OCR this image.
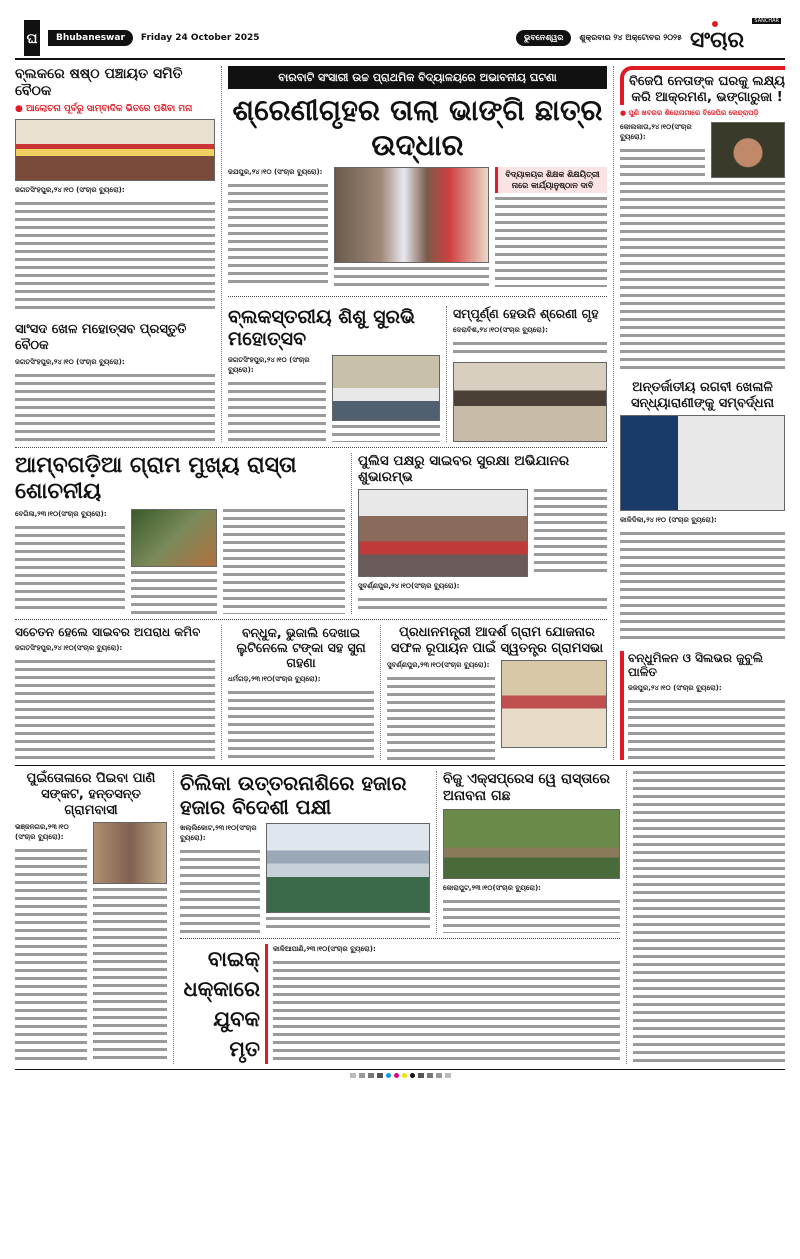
ଘ	Bhubaneswar	Friday 24 October 2025	ଭୁବନେଶ୍ୱର	ଶୁକ୍ରବାର ୨୪ ଅକ୍ଟୋବର ୨୦୨୫
SANCHAR
ସଂଚାର
ବ୍ଲକରେ ଷଷ୍ଠ ପଞ୍ଚାୟତ ସମିତି ବୈଠକ
● ଆଲୋଚନା ପୂର୍ବରୁ ସାମ୍ବାଦିକ ଭିତରେ ପଶିବା ମନା
ଜଗତସିଂହପୁର,୨୪।୧୦ (ସଂଚାର ବ୍ୟୁରୋ):
ସାଂସଦ ଖେଳ ମହୋତ୍ସବ ପ୍ରସ୍ତୁତି ବୈଠକ
ଜଗତସିଂହପୁର,୨୪।୧୦ (ସଂଚାର ବ୍ୟୁରୋ):
ବାରବାଟି ସଂସାରୀ ଉଚ୍ଚ ପ୍ରାଥମିକ ବିଦ୍ୟାଳୟରେ ଅଭାବନୀୟ ଘଟଣା
ଶ୍ରେଣୀଗୃହର ତାଲା ଭାଙ୍ଗି ଛାତ୍ର ଉଦ୍ଧାର
ଜଯପୁର,୨୪।୧୦ (ସଂଚାର ବ୍ୟୁରୋ):	ବିଦ୍ୟାଳୟର ଶିକ୍ଷକ ଶିକ୍ଷୟିତ୍ରୀ ନାରେ କାର୍ଯ୍ୟାନୁଷ୍ଠାନ ଦାବି
ବ୍ଲକସ୍ତରୀୟ ଶିଶୁ ସୁରଭି ମହୋତ୍ସବ
ଜଗତସିଂହପୁର,୨୪।୧୦ (ସଂଚାର ବ୍ୟୁରୋ):
ସମ୍ପୂର୍ଣ୍ଣ ହେଉନି ଶ୍ରେଣୀ ଗୃହ
ଦେରାବିଶ,୨୪।୧୦(ସଂଚାର ବ୍ୟୁରୋ):
ଆମ୍ବଗଡ଼ିଆ ଗ୍ରାମ ମୁଖ୍ୟ ରାସ୍ତା ଶୋଚନୀୟ
ବେଗିଳା,୨୩।୧୦(ସଂଚାର ବ୍ୟୁରୋ):
ପୁଲିସ ପକ୍ଷରୁ ସାଇବର ସୁରକ୍ଷା ଅଭିଯାନର ଶୁଭାରମ୍ଭ
ସୁବର୍ଣ୍ଣପୁର,୨୪।୧୦(ସଂଚାର ବ୍ୟୁରୋ):
ସଚେତନ ହେଲେ ସାଇବର ଅପରାଧ କମିବ
ଜଗତସିଂହପୁର,୨୪।୧୦(ସଂଚାର ବ୍ୟୁରୋ):
ବନ୍ଧୁକ, ଭୁଜାଲି ଦେଖାଇ ଲୁଟିନେଲେ ଟଙ୍କା ସହ ସୁନା ଗହଣା
ଧର୍ମଗଡ଼,୨୩।୧୦(ସଂଚାର ବ୍ୟୁରୋ):
ପ୍ରଧାନମନ୍ତ୍ରୀ ଆଦର୍ଶ ଗ୍ରାମ ଯୋଜନାର ସଫଳ ରୂପାୟନ ପାଇଁ ସ୍ୱତନ୍ତ୍ର ଗ୍ରାମସଭା
ସୁବର୍ଣ୍ଣପୁର,୨୩।୧୦(ସଂଚାର ବ୍ୟୁରୋ):
ବିଜେପି ନେତାଙ୍କ ଘରକୁ ଲକ୍ଷ୍ୟ କରି ଆକ୍ରମଣ, ଭଙ୍ଗାରୁଜା !
● ପୁଣି ଖବରର ଶିରୋନାମାରେ ବିଜେପିର କେନ୍ଦ୍ରାପଡ଼ି
କୋଲକାତା,୨୪।୧୦(ସଂଚାର ବ୍ୟୁରୋ):
ଅନ୍ତର୍ଜାତୀୟ ରଗବୀ ଖେଳାଳି ସନ୍ଧ୍ୟାରାଣୀଙ୍କୁ ସମ୍ବର୍ଦ୍ଧନା
କାଳିଦିକା,୨୪।୧୦ (ସଂଚାର ବ୍ୟୁରୋ):
ବନ୍ଧୁମିଳନ ଓ ସିଲଭର ଜୁବୁଲି ପାଳିତ
ଜଜପୁର,୨୪।୧୦ (ସଂଚାର ବ୍ୟୁରୋ):
ପୁଇଁତୋଳାରେ ପିଇବା ପାଣି ସଙ୍କଟ, ହନ୍ତସନ୍ତ ଗ୍ରାମବାସୀ
ଭଞ୍ଜନଗର,୨୩।୧୦ (ସଂଚାର ବ୍ୟୁରୋ):
ଚିଲିକା ଉତ୍ତରନାଶିରେ ହଜାର ହଜାର ବିଦେଶୀ ପକ୍ଷୀ
ଖଲ୍ଲିକୋଟ,୨୩।୧୦(ସଂଚାର ବ୍ୟୁରୋ):
ବିଜୁ ଏକ୍ସପ୍ରେସ ୱେ ରାସ୍ତାରେ ଅନାବନା ଗଛ
କୋରାପୁଟ,୨୩।୧୦(ସଂଚାର ବ୍ୟୁରୋ):
ବାଇକ୍
ଧକ୍କାରେ
ଯୁବକ ମୃତ
କାଳିଆପାଣି,୨୩।୧୦(ସଂଚାର ବ୍ୟୁରୋ):
